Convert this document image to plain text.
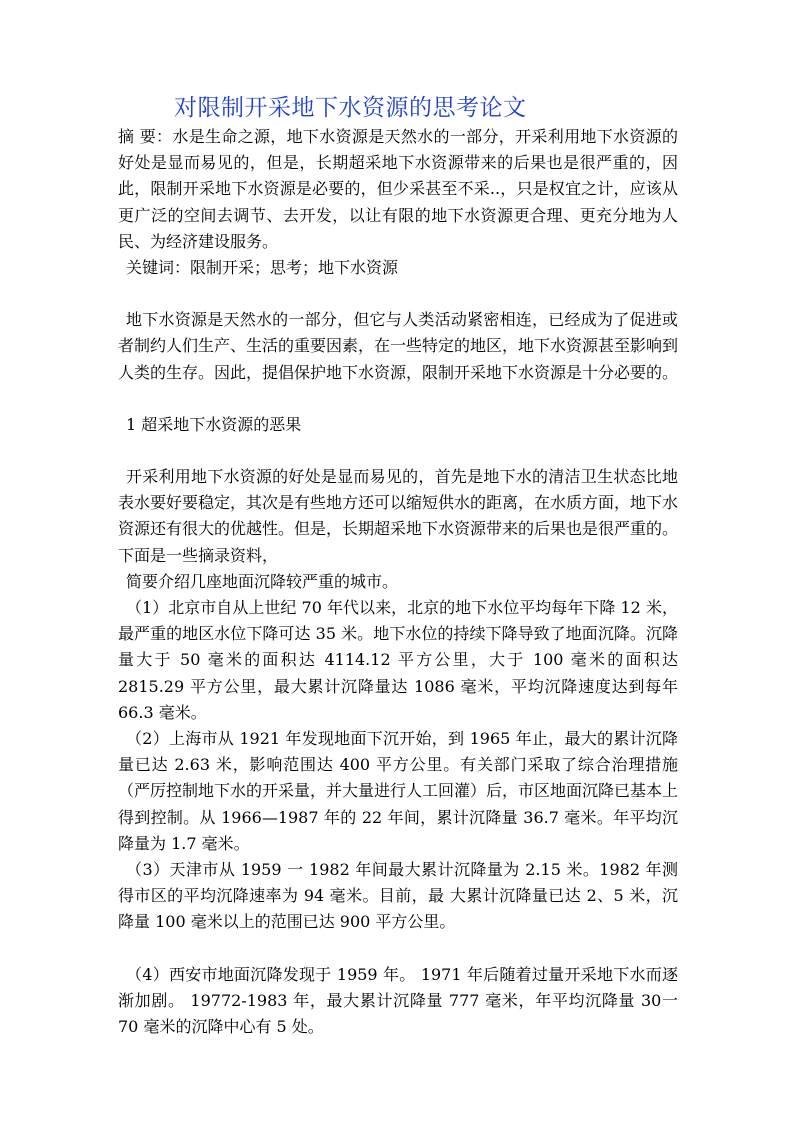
对限制开采地下水资源的思考论文

摘 要：水是生命之源，地下水资源是天然水的一部分，开采利用地下水资源的好处是显而易见的，但是，长期超采地下水资源带来的后果也是很严重的，因此，限制开采地下水资源是必要的，但少采甚至不采..，只是权宜之计，应该从更广泛的空间去调节、去开发，以让有限的地下水资源更合理、更充分地为人民、为经济建设服务。

关键词：限制开采；思考；地下水资源

地下水资源是天然水的一部分，但它与人类活动紧密相连，已经成为了促进或者制约人们生产、生活的重要因素，在一些特定的地区，地下水资源甚至影响到人类的生存。因此，提倡保护地下水资源，限制开采地下水资源是十分必要的。

1 超采地下水资源的恶果

开采利用地下水资源的好处是显而易见的，首先是地下水的清洁卫生状态比地表水要好要稳定，其次是有些地方还可以缩短供水的距离，在水质方面，地下水资源还有很大的优越性。但是，长期超采地下水资源带来的后果也是很严重的。下面是一些摘录资料，

简要介绍几座地面沉降较严重的城市。

（1）北京市自从上世纪 70 年代以来，北京的地下水位平均每年下降 12 米，最严重的地区水位下降可达 35 米。地下水位的持续下降导致了地面沉降。沉降量大于 50 毫米的面积达 4114.12 平方公里，大于 100 毫米的面积达 2815.29 平方公里，最大累计沉降量达 1086 毫米，平均沉降速度达到每年 66.3 毫米。

（2）上海市从 1921 年发现地面下沉开始，到 1965 年止，最大的累计沉降量已达 2.63 米，影响范围达 400 平方公里。有关部门采取了综合治理措施（严厉控制地下水的开采量，并大量进行人工回灌）后，市区地面沉降已基本上得到控制。从 1966—1987 年的 22 年间，累计沉降量 36.7 毫米。年平均沉降量为 1.7 毫米。

（3）天津市从 1959 一 1982 年间最大累计沉降量为 2.15 米。1982 年测得市区的平均沉降速率为 94 毫米。目前，最 大累计沉降量已达 2、5 米，沉降量 100 毫米以上的范围已达 900 平方公里。

（4）西安市地面沉降发现于 1959 年。 1971 年后随着过量开采地下水而逐渐加剧。 19772-1983 年，最大累计沉降量 777 毫米，年平均沉降量 30一70 毫米的沉降中心有 5 处。
